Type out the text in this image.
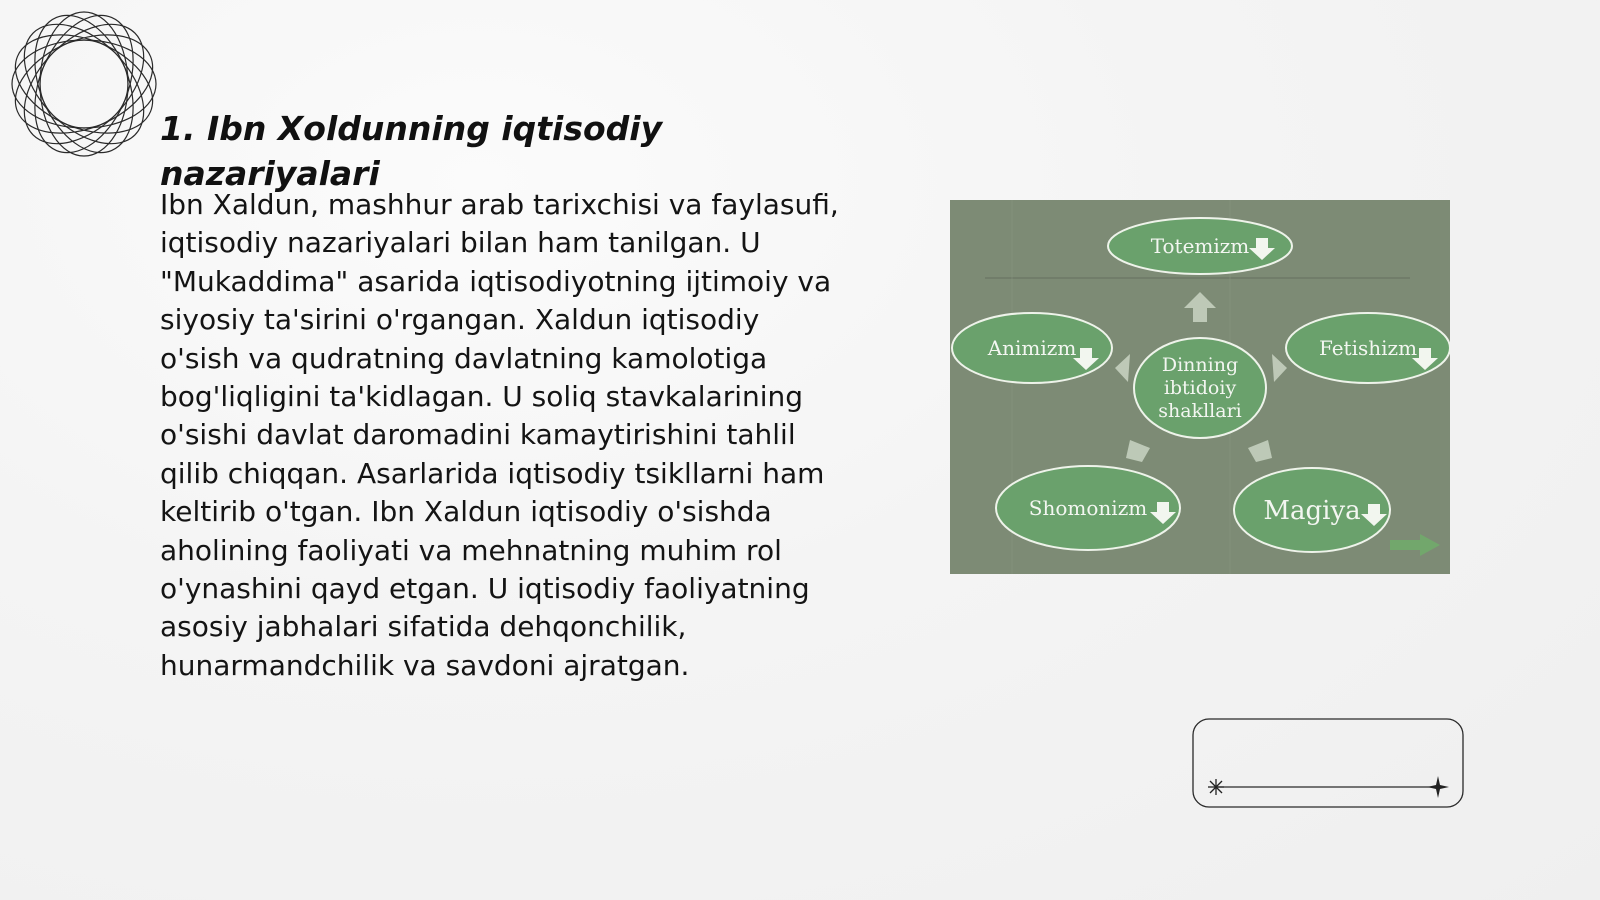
1. Ibn Xoldunning iqtisodiy nazariyalari

Ibn Xaldun, mashhur arab tarixchisi va faylasufi, iqtisodiy nazariyalari bilan ham tanilgan. U "Mukaddima" asarida iqtisodiyotning ijtimoiy va siyosiy ta'sirini o'rgangan. Xaldun iqtisodiy o'sish va qudratning davlatning kamolotiga bog'liqligini ta'kidlagan. U soliq stavkalarining o'sishi davlat daromadini kamaytirishini tahlil qilib chiqqan. Asarlarida iqtisodiy tsikllarni ham keltirib o'tgan. Ibn Xaldun iqtisodiy o'sishda aholining faoliyati va mehnatning muhim rol o'ynashini qayd etgan. U iqtisodiy faoliyatning asosiy jabhalari sifatida dehqonchilik, hunarmandchilik va savdoni ajratgan.

Dinning
ibtidoiy
shakllari
Totemizm
Animizm	Fetishizm
Shomonizm	Magiya
